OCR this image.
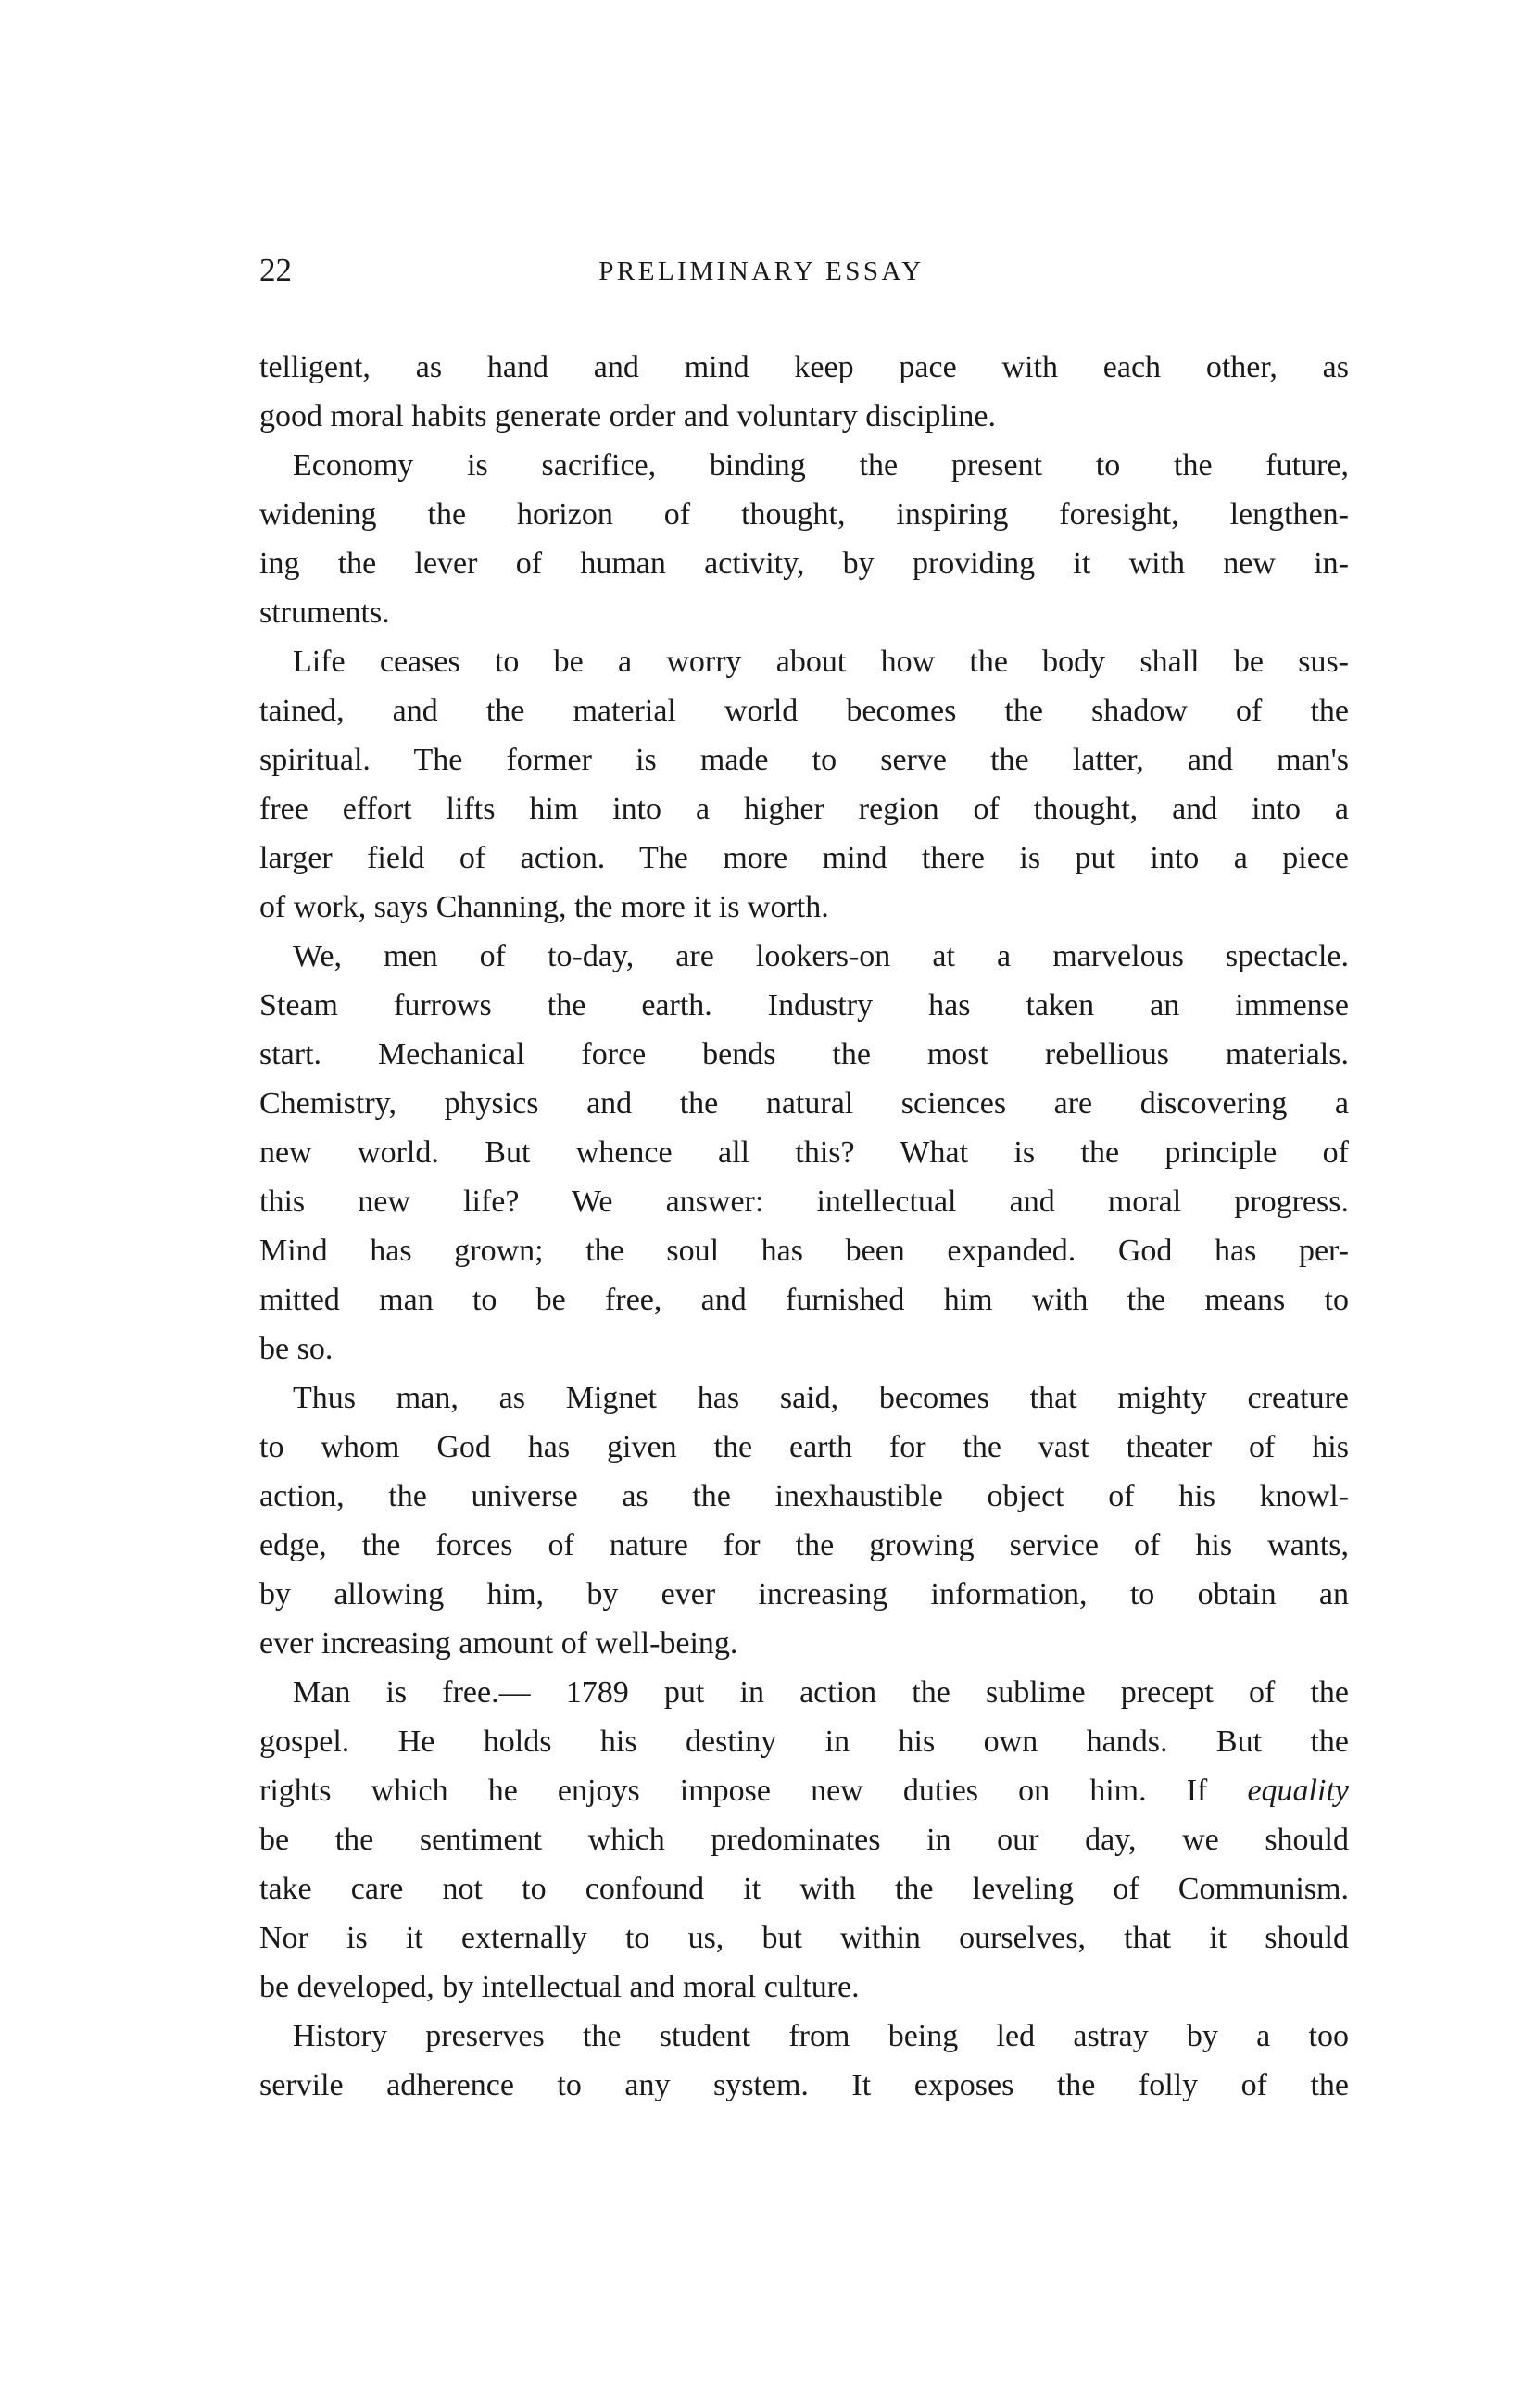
22	PRELIMINARY ESSAY
telligent, as hand and mind keep pace with each other, as
good moral habits generate order and voluntary discipline.
Economy is sacrifice, binding the present to the future,
widening the horizon of thought, inspiring foresight, lengthen-
ing the lever of human activity, by providing it with new in-
struments.
Life ceases to be a worry about how the body shall be sus-
tained, and the material world becomes the shadow of the
spiritual. The former is made to serve the latter, and man's
free effort lifts him into a higher region of thought, and into a
larger field of action. The more mind there is put into a piece
of work, says Channing, the more it is worth.
We, men of to-day, are lookers-on at a marvelous spectacle.
Steam furrows the earth. Industry has taken an immense
start. Mechanical force bends the most rebellious materials.
Chemistry, physics and the natural sciences are discovering a
new world. But whence all this? What is the principle of
this new life? We answer: intellectual and moral progress.
Mind has grown; the soul has been expanded. God has per-
mitted man to be free, and furnished him with the means to
be so.
Thus man, as Mignet has said, becomes that mighty creature
to whom God has given the earth for the vast theater of his
action, the universe as the inexhaustible object of his knowl-
edge, the forces of nature for the growing service of his wants,
by allowing him, by ever increasing information, to obtain an
ever increasing amount of well-being.
Man is free.— 1789 put in action the sublime precept of the
gospel. He holds his destiny in his own hands. But the
rights which he enjoys impose new duties on him. If equality
be the sentiment which predominates in our day, we should
take care not to confound it with the leveling of Communism.
Nor is it externally to us, but within ourselves, that it should
be developed, by intellectual and moral culture.
History preserves the student from being led astray by a too
servile adherence to any system. It exposes the folly of the
